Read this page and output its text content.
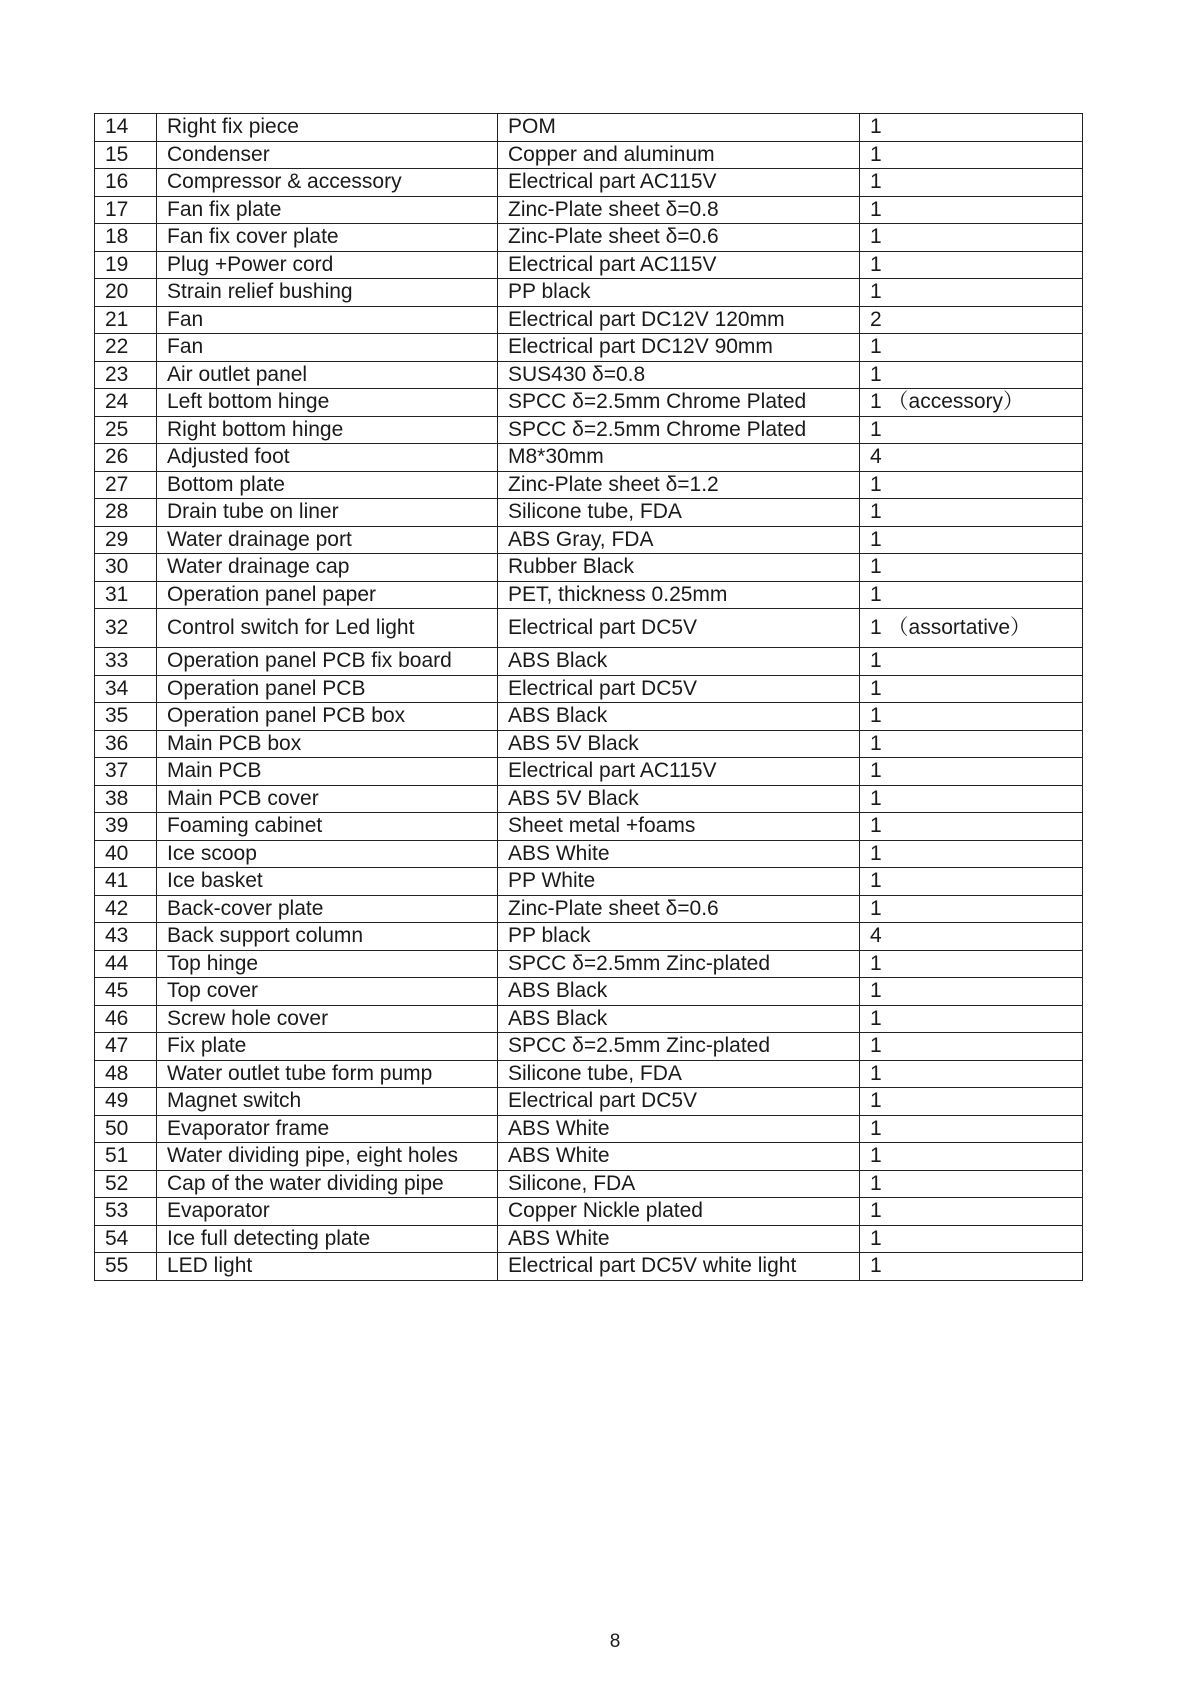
14	Right fix piece	POM	1
15	Condenser	Copper and aluminum	1
16	Compressor & accessory	Electrical part AC115V	1
17	Fan fix plate	Zinc-Plate sheet δ=0.8	1
18	Fan fix cover plate	Zinc-Plate sheet δ=0.6	1
19	Plug +Power cord	Electrical part AC115V	1
20	Strain relief bushing	PP black	1
21	Fan	Electrical part DC12V 120mm	2
22	Fan	Electrical part DC12V 90mm	1
23	Air outlet panel	SUS430 δ=0.8	1
24	Left bottom hinge	SPCC δ=2.5mm Chrome Plated	1 （accessory）
25	Right bottom hinge	SPCC δ=2.5mm Chrome Plated	1
26	Adjusted foot	M8*30mm	4
27	Bottom plate	Zinc-Plate sheet δ=1.2	1
28	Drain tube on liner	Silicone tube, FDA	1
29	Water drainage port	ABS Gray, FDA	1
30	Water drainage cap	Rubber Black	1
31	Operation panel paper	PET, thickness 0.25mm	1
32	Control switch for Led light	Electrical part DC5V	1 （assortative）
33	Operation panel PCB fix board	ABS Black	1
34	Operation panel PCB	Electrical part DC5V	1
35	Operation panel PCB box	ABS Black	1
36	Main PCB box	ABS 5V Black	1
37	Main PCB	Electrical part AC115V	1
38	Main PCB cover	ABS 5V Black	1
39	Foaming cabinet	Sheet metal +foams	1
40	Ice scoop	ABS White	1
41	Ice basket	PP White	1
42	Back-cover plate	Zinc-Plate sheet δ=0.6	1
43	Back support column	PP black	4
44	Top hinge	SPCC δ=2.5mm Zinc-plated	1
45	Top cover	ABS Black	1
46	Screw hole cover	ABS Black	1
47	Fix plate	SPCC δ=2.5mm Zinc-plated	1
48	Water outlet tube form pump	Silicone tube, FDA	1
49	Magnet switch	Electrical part DC5V	1
50	Evaporator frame	ABS White	1
51	Water dividing pipe, eight holes	ABS White	1
52	Cap of the water dividing pipe	Silicone, FDA	1
53	Evaporator	Copper Nickle plated	1
54	Ice full detecting plate	ABS White	1
55	LED light	Electrical part DC5V white light	1
8
